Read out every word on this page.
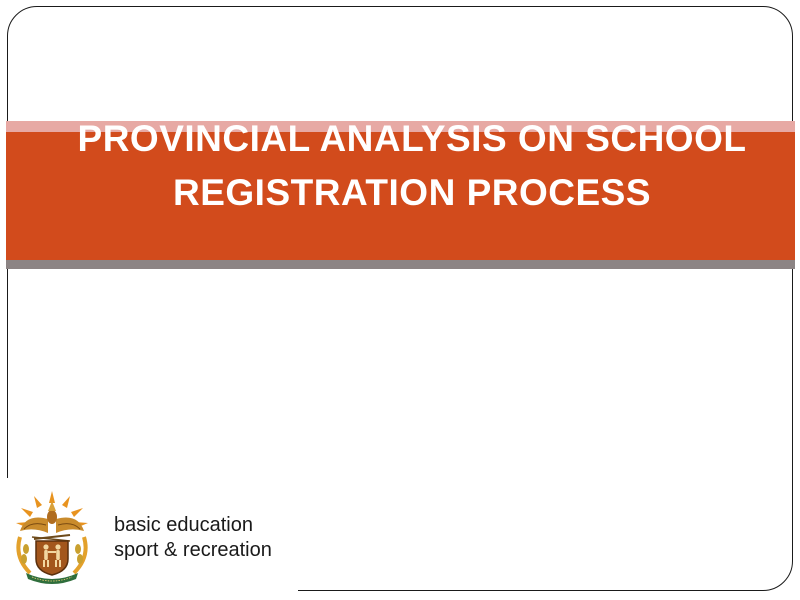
PROVINCIAL ANALYSIS ON SCHOOL REGISTRATION PROCESS
basic education
sport & recreation
